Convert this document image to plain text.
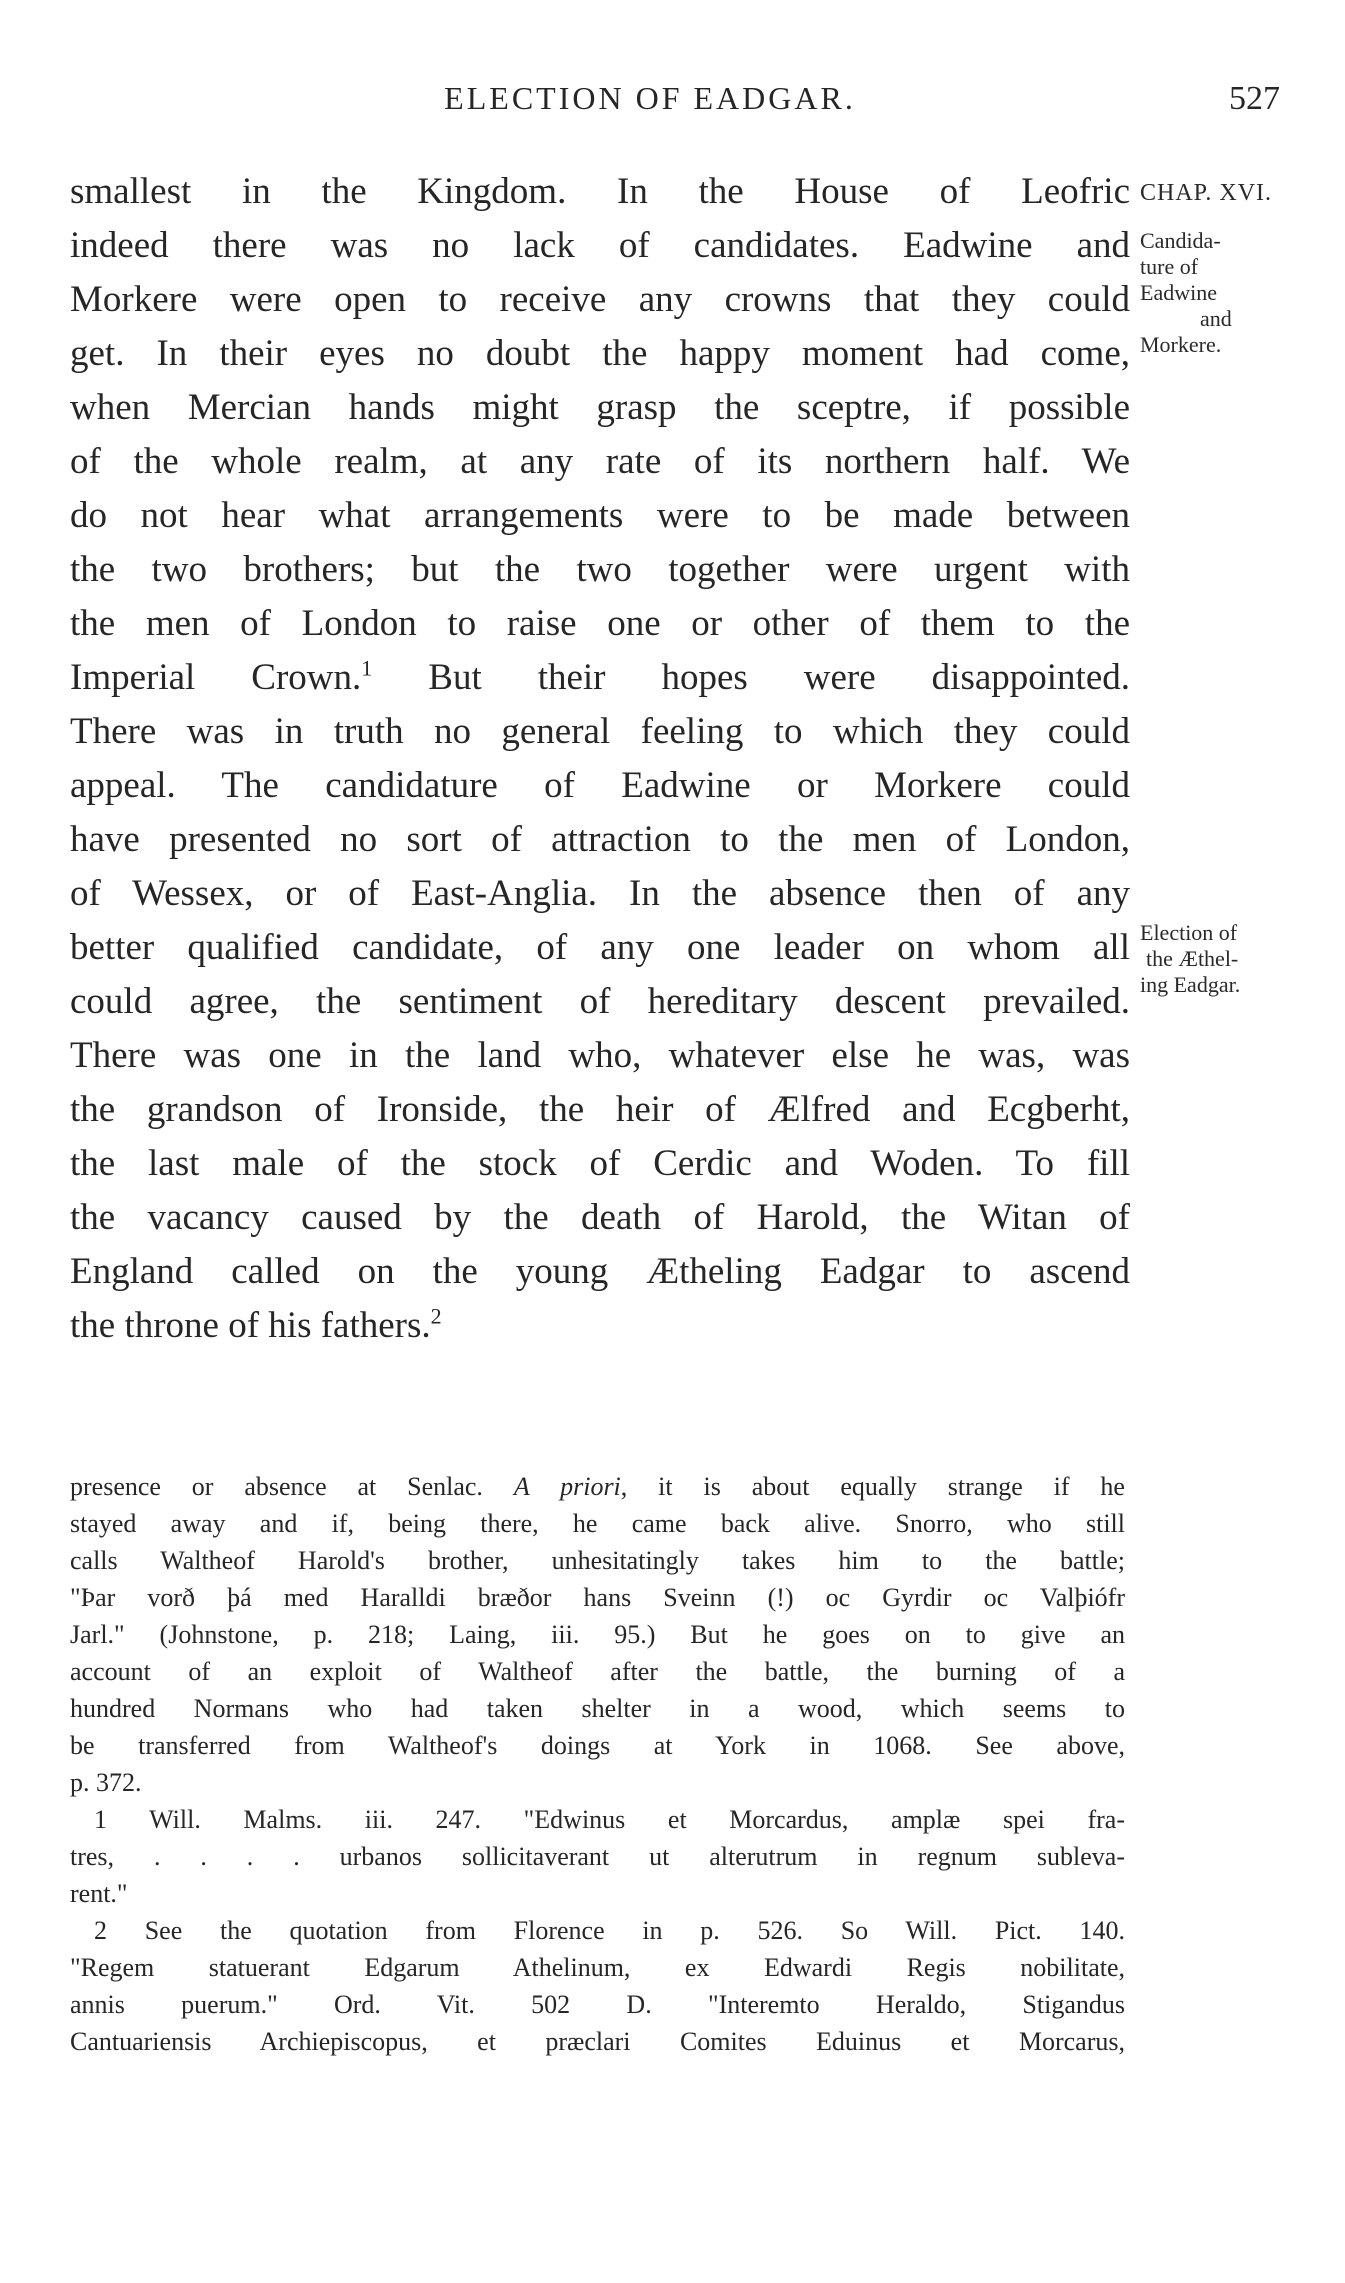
ELECTION OF EADGAR.	527
smallest in the Kingdom. In the House of Leofric
indeed there was no lack of candidates. Eadwine and
Morkere were open to receive any crowns that they could
get. In their eyes no doubt the happy moment had come,
when Mercian hands might grasp the sceptre, if possible
of the whole realm, at any rate of its northern half. We
do not hear what arrangements were to be made between
the two brothers; but the two together were urgent with
the men of London to raise one or other of them to the
Imperial Crown.$^1$ But their hopes were disappointed.
There was in truth no general feeling to which they could
appeal. The candidature of Eadwine or Morkere could
have presented no sort of attraction to the men of London,
of Wessex, or of East-Anglia. In the absence then of any
better qualified candidate, of any one leader on whom all
could agree, the sentiment of hereditary descent prevailed.
There was one in the land who, whatever else he was, was
the grandson of Ironside, the heir of Ælfred and Ecgberht,
the last male of the stock of Cerdic and Woden. To fill
the vacancy caused by the death of Harold, the Witan of
England called on the young Ætheling Eadgar to ascend
the throne of his fathers.$^2$
CHAP. XVI.
Candida-
ture of
Eadwine
and
Morkere.
Election of
the Æthel-
ing Eadgar.
presence or absence at Senlac. A priori, it is about equally strange if he
stayed away and if, being there, he came back alive. Snorro, who still
calls Waltheof Harold's brother, unhesitatingly takes him to the battle;
"Þar vorð þá med Haralldi bræðor hans Sveinn (!) oc Gyrdir oc Valþiófr
Jarl." (Johnstone, p. 218; Laing, iii. 95.) But he goes on to give an
account of an exploit of Waltheof after the battle, the burning of a
hundred Normans who had taken shelter in a wood, which seems to
be transferred from Waltheof's doings at York in 1068. See above,
p. 372.
1 Will. Malms. iii. 247. "Edwinus et Morcardus, amplæ spei fra-
tres, . . . . urbanos sollicitaverant ut alterutrum in regnum subleva-
rent."
2 See the quotation from Florence in p. 526. So Will. Pict. 140.
"Regem statuerant Edgarum Athelinum, ex Edwardi Regis nobilitate,
annis puerum." Ord. Vit. 502 D. "Interemto Heraldo, Stigandus
Cantuariensis Archiepiscopus, et præclari Comites Eduinus et Morcarus,
